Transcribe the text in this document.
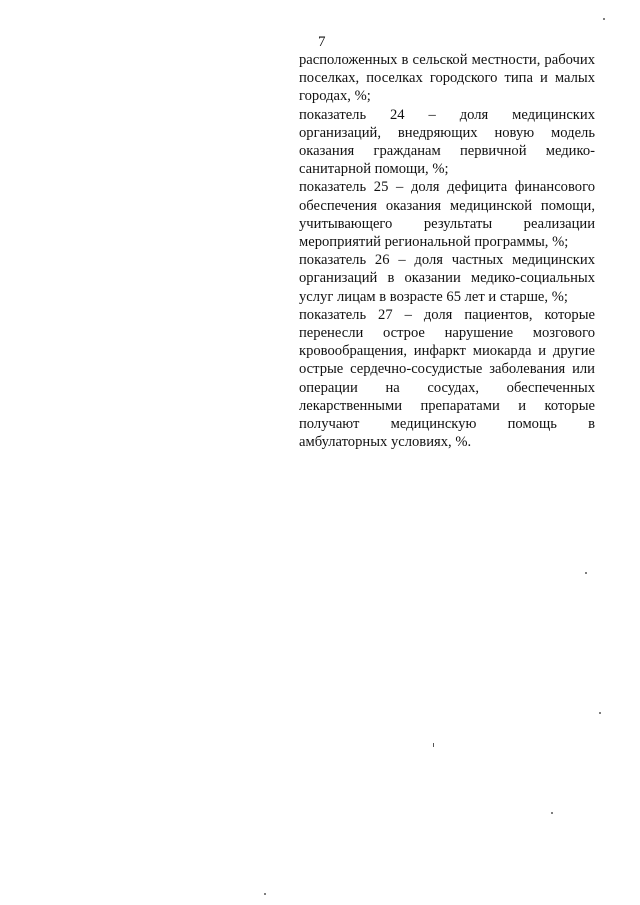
7

расположенных в сельской местности, рабочих поселках, поселках городского типа и малых городах, %;

показатель 24 – доля медицинских организаций, внедряющих новую модель оказания гражданам первичной медико-санитарной помощи, %;

показатель 25 – доля дефицита финансового обеспечения оказания медицинской помощи, учитывающего результаты реализации мероприятий региональной программы, %;

показатель 26 – доля частных медицинских организаций в оказании медико-социальных услуг лицам в возрасте 65 лет и старше, %;

показатель 27 – доля пациентов, которые перенесли острое нарушение мозгового кровообращения, инфаркт миокарда и другие острые сердечно-сосудистые заболевания или операции на сосудах, обеспеченных лекарственными препаратами и которые получают медицинскую помощь в амбулаторных условиях, %.
